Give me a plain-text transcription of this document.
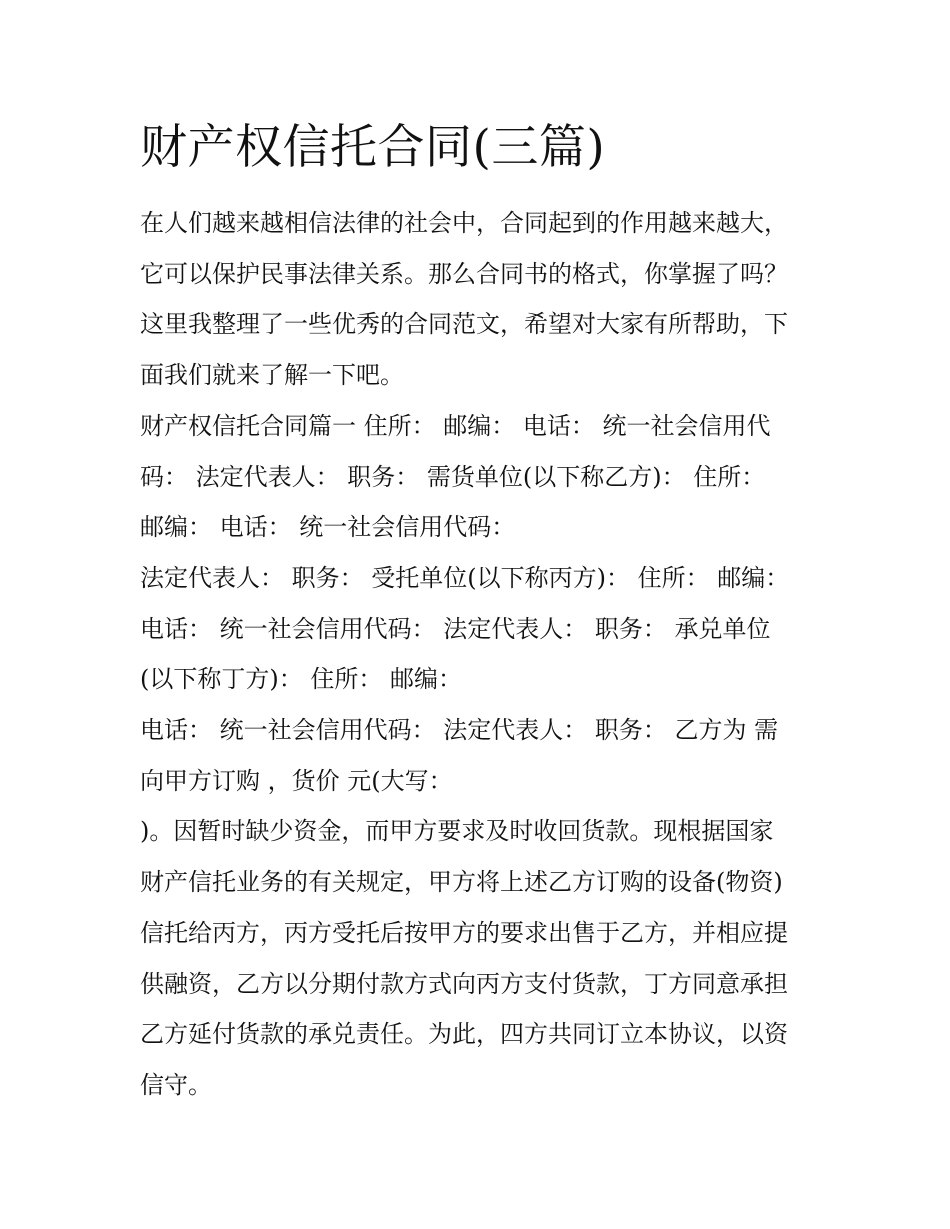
财产权信托合同(三篇)
在人们越来越相信法律的社会中，合同起到的作用越来越大，
它可以保护民事法律关系。那么合同书的格式，你掌握了吗？
这里我整理了一些优秀的合同范文，希望对大家有所帮助，下
面我们就来了解一下吧。
财产权信托合同篇一 住所： 邮编： 电话： 统一社会信用代
码： 法定代表人： 职务： 需货单位(以下称乙方)： 住所：
邮编： 电话： 统一社会信用代码：
法定代表人： 职务： 受托单位(以下称丙方)： 住所： 邮编：
电话： 统一社会信用代码： 法定代表人： 职务： 承兑单位
(以下称丁方)： 住所： 邮编：
电话： 统一社会信用代码： 法定代表人： 职务： 乙方为 需
向甲方订购 ，货价 元(大写：
)。因暂时缺少资金，而甲方要求及时收回货款。现根据国家
财产信托业务的有关规定，甲方将上述乙方订购的设备(物资)
信托给丙方，丙方受托后按甲方的要求出售于乙方，并相应提
供融资，乙方以分期付款方式向丙方支付货款，丁方同意承担
乙方延付货款的承兑责任。为此，四方共同订立本协议，以资
信守。
